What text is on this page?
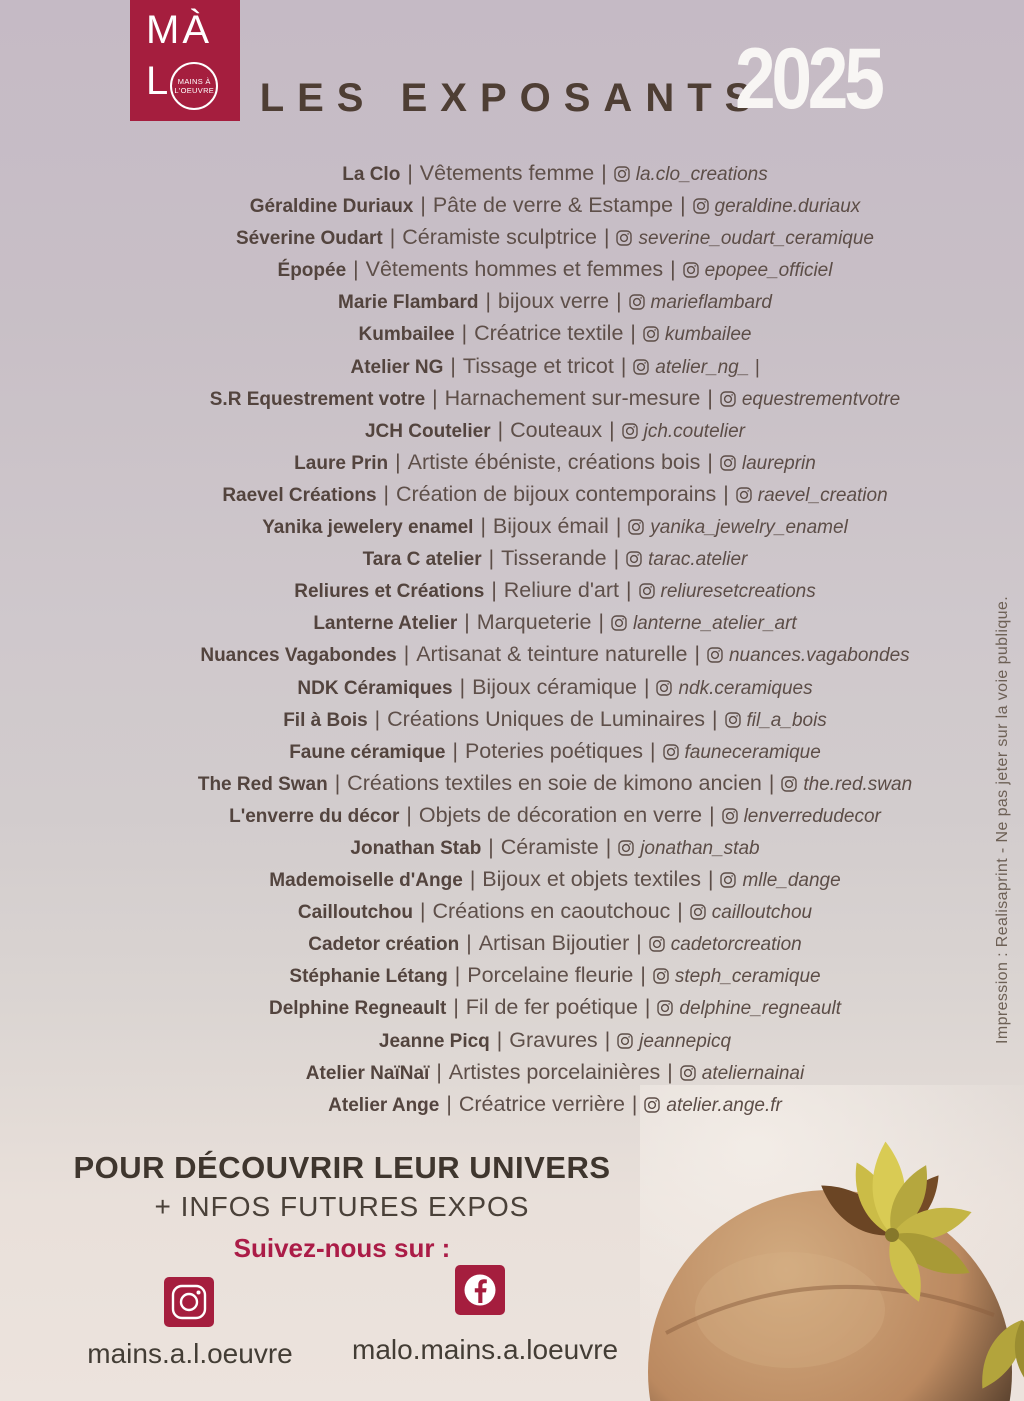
MÀ
L MAINS À
L'OEUVRE	LES EXPOSANTS
2025
La Clo | Vêtements femme | la.clo_creations
Géraldine Duriaux | Pâte de verre & Estampe | geraldine.duriaux
Séverine Oudart | Céramiste sculptrice | severine_oudart_ceramique
Épopée | Vêtements hommes et femmes | epopee_officiel
Marie Flambard | bijoux verre | marieflambard
Kumbailee | Créatrice textile | kumbailee
Atelier NG | Tissage et tricot | atelier_ng_ |
S.R Equestrement votre | Harnachement sur-mesure | equestrementvotre
JCH Coutelier | Couteaux | jch.coutelier
Laure Prin | Artiste ébéniste, créations bois | laureprin
Raevel Créations | Création de bijoux contemporains | raevel_creation
Yanika jewelery enamel | Bijoux émail | yanika_jewelry_enamel
Tara C atelier | Tisserande | tarac.atelier
Reliures et Créations | Reliure d'art | reliuresetcreations
Lanterne Atelier | Marqueterie | lanterne_atelier_art
Nuances Vagabondes | Artisanat & teinture naturelle | nuances.vagabondes
NDK Céramiques | Bijoux céramique | ndk.ceramiques
Fil à Bois | Créations Uniques de Luminaires | fil_a_bois
Faune céramique | Poteries poétiques | fauneceramique
The Red Swan | Créations textiles en soie de kimono ancien | the.red.swan
L'enverre du décor | Objets de décoration en verre | lenverredudecor
Jonathan Stab | Céramiste | jonathan_stab
Mademoiselle d'Ange | Bijoux et objets textiles | mlle_dange
Cailloutchou | Créations en caoutchouc | cailloutchou
Cadetor création | Artisan Bijoutier | cadetorcreation
Stéphanie Létang | Porcelaine fleurie | steph_ceramique
Delphine Regneault | Fil de fer poétique | delphine_regneault
Jeanne Picq | Gravures | jeannepicq
Atelier NaïNaï | Artistes porcelainières | ateliernainai
Atelier Ange | Créatrice verrière | atelier.ange.fr
Impression : Realisaprint - Ne pas jeter sur la voie publique.
POUR DÉCOUVRIR LEUR UNIVERS
+ INFOS FUTURES EXPOS
Suivez-nous sur :
mains.a.l.oeuvre	malo.mains.a.loeuvre
